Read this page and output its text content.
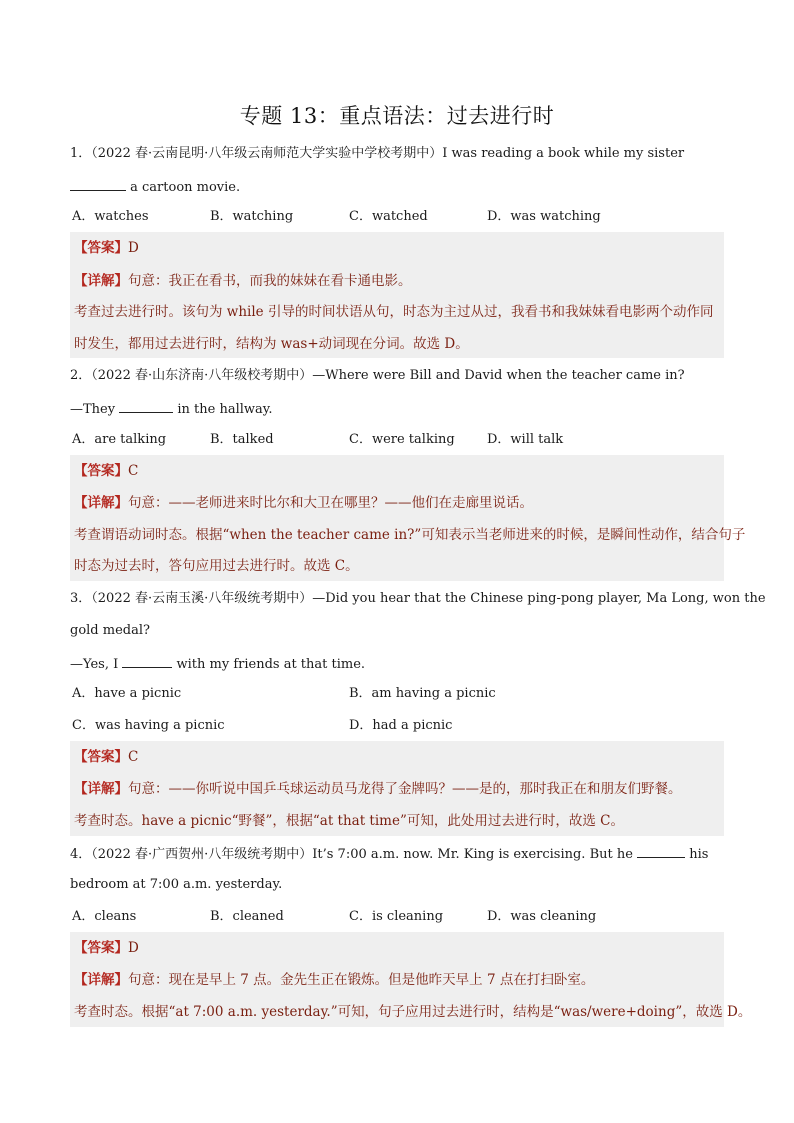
专题 13：重点语法：过去进行时
1．（2022 春·云南昆明·八年级云南师范大学实验中学校考期中）I was reading a book while my sister
a cartoon movie.
A．watches	B．watching	C．watched	D．was watching
【答案】D
【详解】句意：我正在看书，而我的妹妹在看卡通电影。
考查过去进行时。该句为 while 引导的时间状语从句，时态为主过从过，我看书和我妹妹看电影两个动作同
时发生，都用过去进行时，结构为 was+动词现在分词。故选 D。
2．（2022 春·山东济南·八年级校考期中）—Where were Bill and David when the teacher came in?
—They	in the hallway.
A．are talking	B．talked	C．were talking D．will talk
【答案】C
【详解】句意：——老师进来时比尔和大卫在哪里？——他们在走廊里说话。
考查谓语动词时态。根据“when the teacher came in?”可知表示当老师进来的时候，是瞬间性动作，结合句子
时态为过去时，答句应用过去进行时。故选 C。
3．（2022 春·云南玉溪·八年级统考期中）—Did you hear that the Chinese ping-pong player, Ma Long, won the
gold medal?
—Yes, I	with my friends at that time.
A．have a picnic	B．am having a picnic
C．was having a picnic	D．had a picnic
【答案】C
【详解】句意：——你听说中国乒乓球运动员马龙得了金牌吗？——是的，那时我正在和朋友们野餐。
考查时态。have a picnic“野餐”，根据“at that time”可知，此处用过去进行时，故选 C。
4．（2022 春·广西贺州·八年级统考期中）It’s 7:00 a.m. now. Mr. King is exercising. But he	his
bedroom at 7:00 a.m. yesterday.
A．cleans	B．cleaned	C．is cleaning	D．was cleaning
【答案】D
【详解】句意：现在是早上 7 点。金先生正在锻炼。但是他昨天早上 7 点在打扫卧室。
考查时态。根据“at 7:00 a.m. yesterday.”可知，句子应用过去进行时，结构是“was/were+doing”，故选 D。
